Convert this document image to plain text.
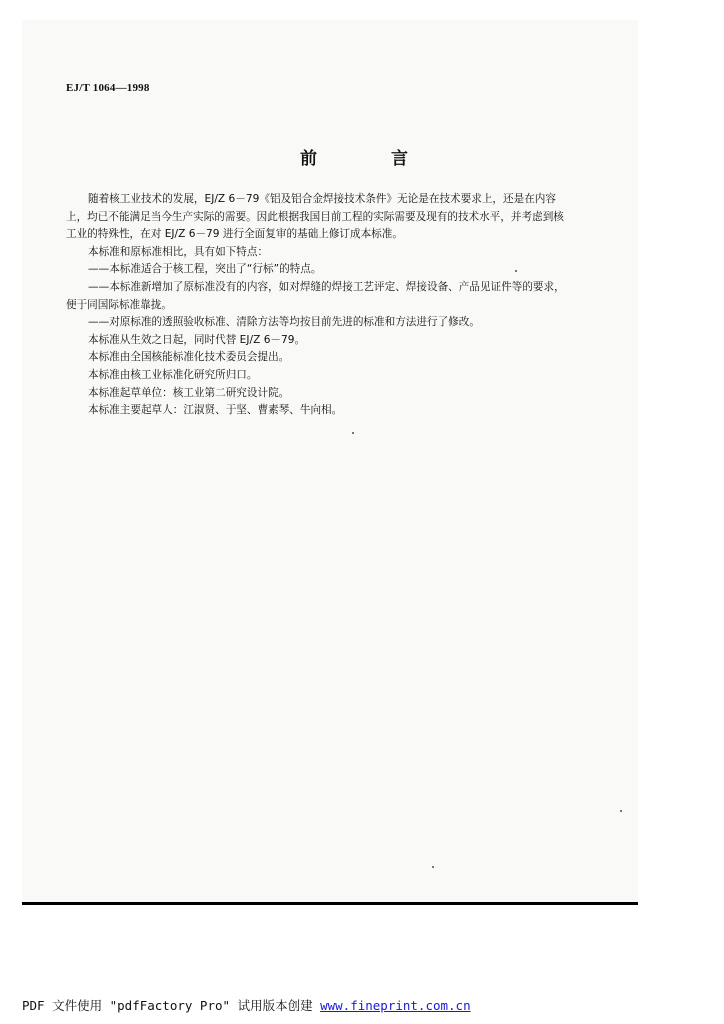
EJ/T 1064—1998
前 言

随着核工业技术的发展，EJ/Z 6－79《铝及铝合金焊接技术条件》无论是在技术要求上，还是在内容上，均已不能满足当今生产实际的需要。因此根据我国目前工程的实际需要及现有的技术水平，并考虑到核工业的特殊性，在对 EJ/Z 6－79 进行全面复审的基础上修订成本标准。

本标准和原标准相比，具有如下特点：

——本标准适合于核工程，突出了“行标”的特点。

——本标准新增加了原标准没有的内容，如对焊缝的焊接工艺评定、焊接设备、产品见证件等的要求，便于同国际标准靠拢。

——对原标准的透照验收标准、清除方法等均按目前先进的标准和方法进行了修改。

本标准从生效之日起，同时代替 EJ/Z 6－79。

本标准由全国核能标准化技术委员会提出。

本标准由核工业标准化研究所归口。

本标准起草单位：核工业第二研究设计院。

本标准主要起草人：江淑贤、于坚、曹素琴、牛向相。

PDF 文件使用 "pdfFactory Pro" 试用版本创建 www.fineprint.com.cn
